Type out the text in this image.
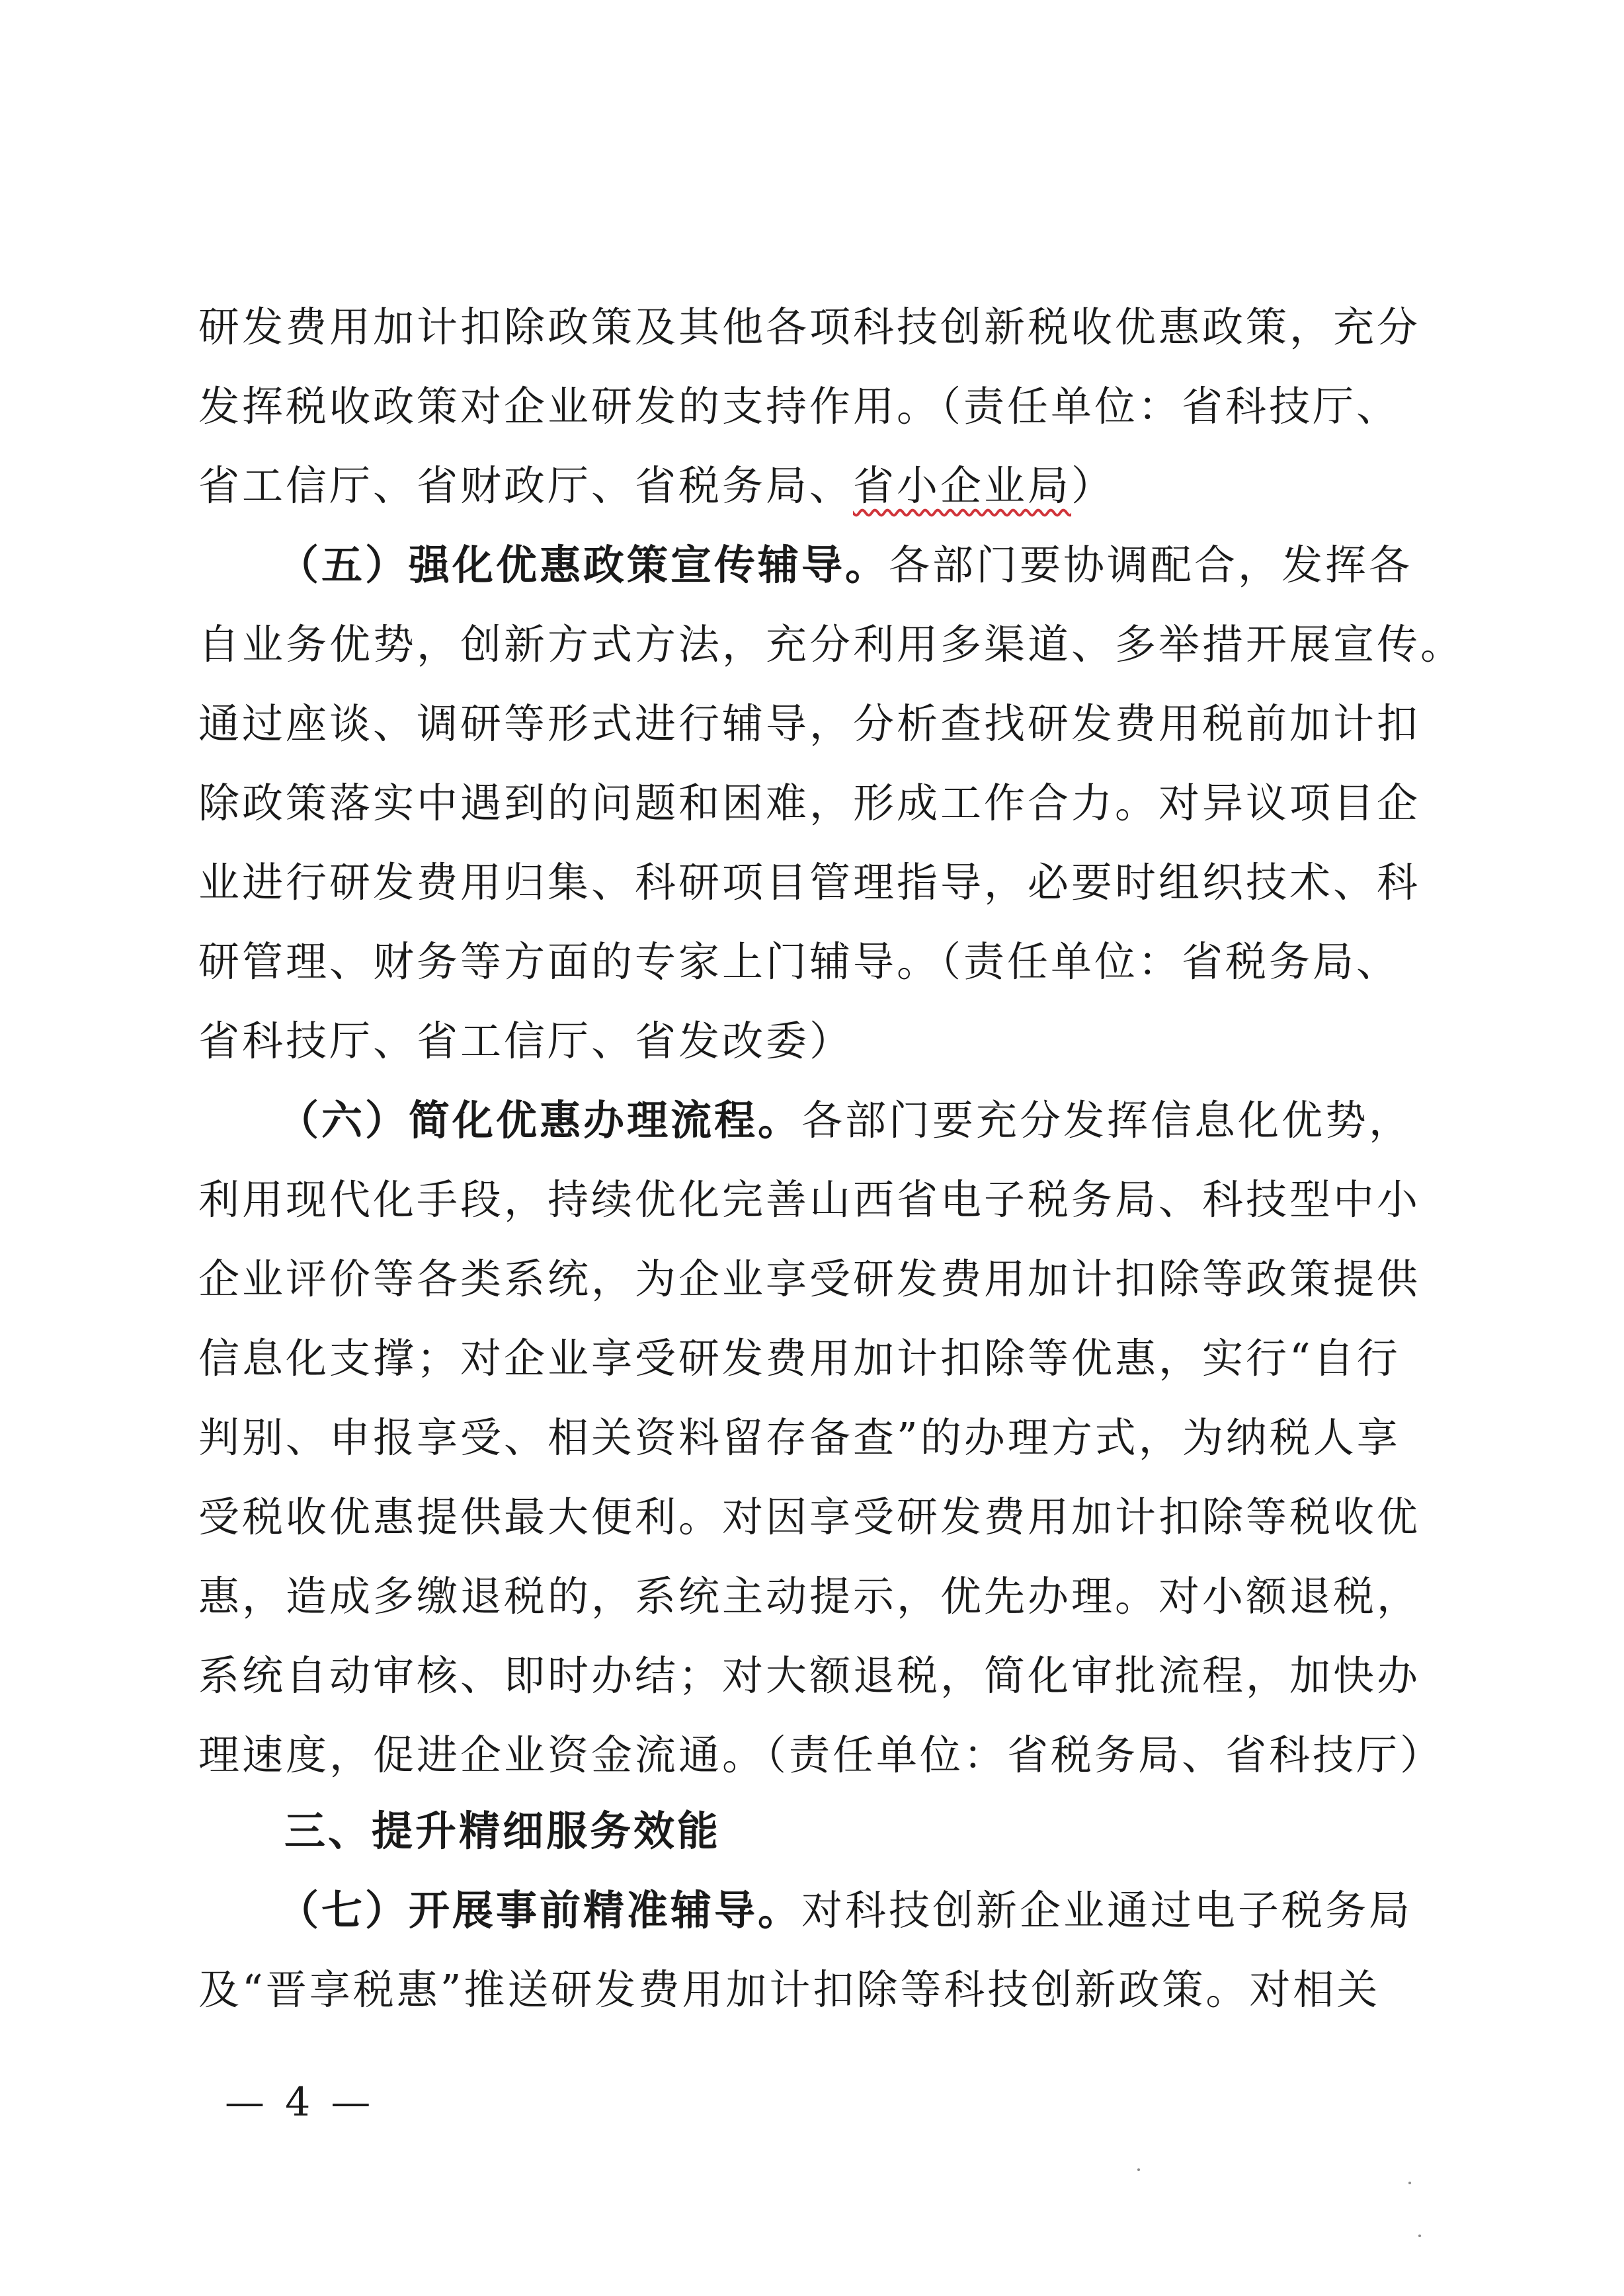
研发费用加计扣除政策及其他各项科技创新税收优惠政策，充分
发挥税收政策对企业研发的支持作用。（责任单位：省科技厅、
省工信厅、省财政厅、省税务局、省小企业局）
（五）强化优惠政策宣传辅导。各部门要协调配合，发挥各
自业务优势，创新方式方法，充分利用多渠道、多举措开展宣传。
通过座谈、调研等形式进行辅导，分析查找研发费用税前加计扣
除政策落实中遇到的问题和困难，形成工作合力。对异议项目企
业进行研发费用归集、科研项目管理指导，必要时组织技术、科
研管理、财务等方面的专家上门辅导。（责任单位：省税务局、
省科技厅、省工信厅、省发改委）
（六）简化优惠办理流程。各部门要充分发挥信息化优势，
利用现代化手段，持续优化完善山西省电子税务局、科技型中小
企业评价等各类系统，为企业享受研发费用加计扣除等政策提供
信息化支撑；对企业享受研发费用加计扣除等优惠，实行“自行
判别、申报享受、相关资料留存备查”的办理方式，为纳税人享
受税收优惠提供最大便利。对因享受研发费用加计扣除等税收优
惠，造成多缴退税的，系统主动提示，优先办理。对小额退税，
系统自动审核、即时办结；对大额退税，简化审批流程，加快办
理速度，促进企业资金流通。（责任单位：省税务局、省科技厅）
三、提升精细服务效能
（七）开展事前精准辅导。对科技创新企业通过电子税务局
及“晋享税惠”推送研发费用加计扣除等科技创新政策。对相关
— 4 —
